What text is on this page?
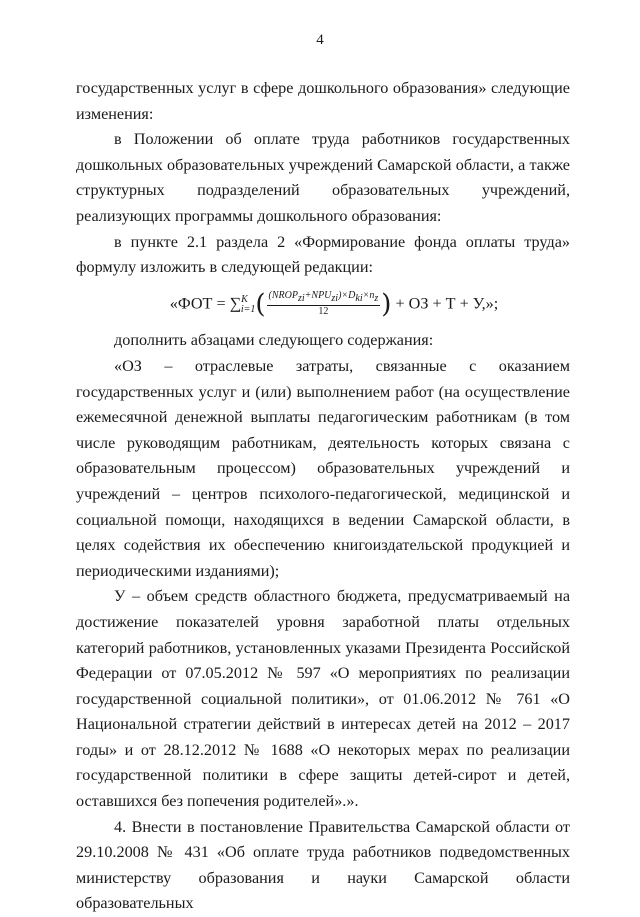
4

государственных услуг в сфере дошкольного образования» следующие изменения:

в Положении об оплате труда работников государственных дошкольных образовательных учреждений Самарской области, а также структурных подразделений образовательных учреждений, реализующих программы дошкольного образования:

в пункте 2.1 раздела 2 «Формирование фонда оплаты труда» формулу изложить в следующей редакции:

«ФОТ = $\sum^K_{i=1}( \frac{(NROP_{zi}+NPU_{zi})\times D_{ki}\times n_z}{12}$ ) + ОЗ + Т + У,»;

дополнить абзацами следующего содержания:

«ОЗ – отраслевые затраты, связанные с оказанием государственных услуг и (или) выполнением работ (на осуществление ежемесячной денежной выплаты педагогическим работникам (в том числе руководящим работникам, деятельность которых связана с образовательным процессом) образовательных учреждений и учреждений – центров психолого-педагогической, медицинской и социальной помощи, находящихся в ведении Самарской области, в целях содействия их обеспечению книгоиздательской продукцией и периодическими изданиями);

У – объем средств областного бюджета, предусматриваемый на достижение показателей уровня заработной платы отдельных категорий работников, установленных указами Президента Российской Федерации от 07.05.2012 № 597 «О мероприятиях по реализации государственной социальной политики», от 01.06.2012 № 761 «О Национальной стратегии действий в интересах детей на 2012 – 2017 годы» и от 28.12.2012 № 1688 «О некоторых мерах по реализации государственной политики в сфере защиты детей-сирот и детей, оставшихся без попечения родителей».».

4. Внести в постановление Правительства Самарской области от 29.10.2008 № 431 «Об оплате труда работников подведомственных министерству образования и науки Самарской области образовательных
